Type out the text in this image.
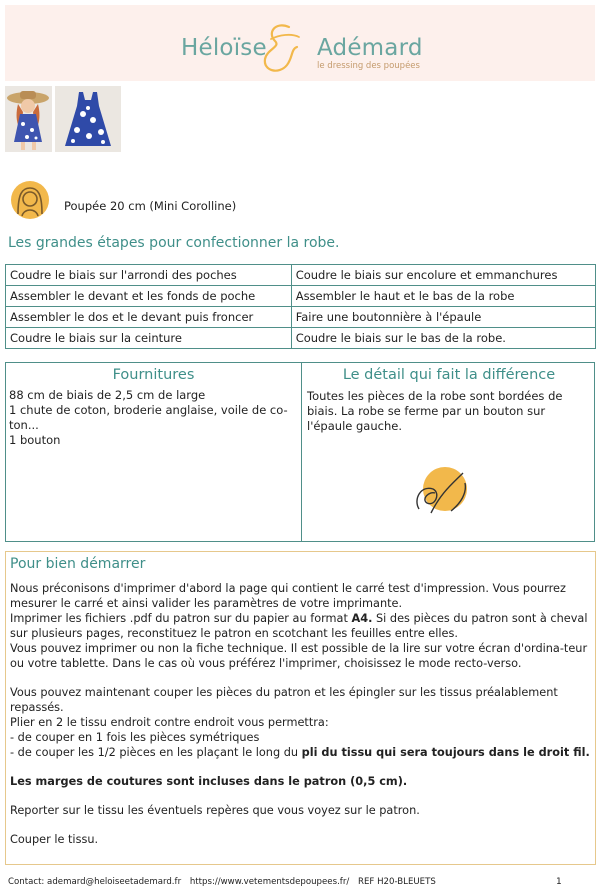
Héloïse Adémard
le dressing des poupées
Poupée 20 cm (Mini Corolline)
Les grandes étapes pour confectionner la robe.
Coudre le biais sur l'arrondi des poches	Coudre le biais sur encolure et emmanchures
Assembler le devant et les fonds de poche	Assembler le haut et le bas de la robe
Assembler le dos et le devant puis froncer	Faire une boutonnière à l'épaule
Coudre le biais sur la ceinture	Coudre le biais sur le bas de la robe.
Fournitures
88 cm de biais de 2,5 cm de large
1 chute de coton, broderie anglaise, voile de co-
ton...
1 bouton
Le détail qui fait la différence
Toutes les pièces de la robe sont bordées de biais. La robe se ferme par un bouton sur l'épaule gauche.
Pour bien démarrer

Nous préconisons d'imprimer d'abord la page qui contient le carré test d'impression. Vous pourrez mesurer le carré et ainsi valider les paramètres de votre imprimante.

Imprimer les fichiers .pdf du patron sur du papier au format A4. Si des pièces du patron sont à cheval sur plusieurs pages, reconstituez le patron en scotchant les feuilles entre elles.

Vous pouvez imprimer ou non la fiche technique. Il est possible de la lire sur votre écran d'ordina-teur ou votre tablette. Dans le cas où vous préférez l'imprimer, choisissez le mode recto-verso.

Vous pouvez maintenant couper les pièces du patron et les épingler sur les tissus préalablement repassés.

Plier en 2 le tissu endroit contre endroit vous permettra:

- de couper en 1 fois les pièces symétriques

- de couper les 1/2 pièces en les plaçant le long du pli du tissu qui sera toujours dans le droit fil.

Les marges de coutures sont incluses dans le patron (0,5 cm).

Reporter sur le tissu les éventuels repères que vous voyez sur le patron.

Couper le tissu.

Contact: ademard@heloiseetademard.fr https://www.vetementsdepoupees.fr/ REF H20-BLEUETS	1
